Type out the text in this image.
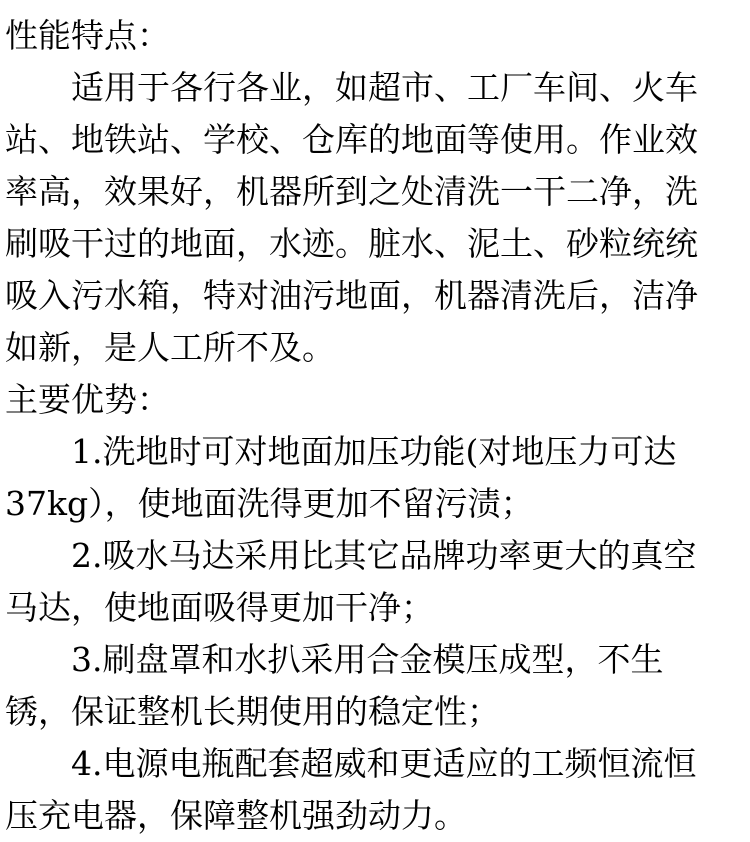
性能特点：
适用于各行各业，如超市、工厂车间、火车
站、地铁站、学校、仓库的地面等使用。作业效
率高，效果好，机器所到之处清洗一干二净，洗
刷吸干过的地面，水迹。脏水、泥土、砂粒统统
吸入污水箱，特对油污地面，机器清洗后，洁净
如新，是人工所不及。
主要优势：
1.洗地时可对地面加压功能(对地压力可达
37kg），使地面洗得更加不留污渍；
2.吸水马达采用比其它品牌功率更大的真空
马达，使地面吸得更加干净；
3.刷盘罩和水扒采用合金模压成型，不生
锈，保证整机长期使用的稳定性；
4.电源电瓶配套超威和更适应的工频恒流恒
压充电器，保障整机强劲动力。
